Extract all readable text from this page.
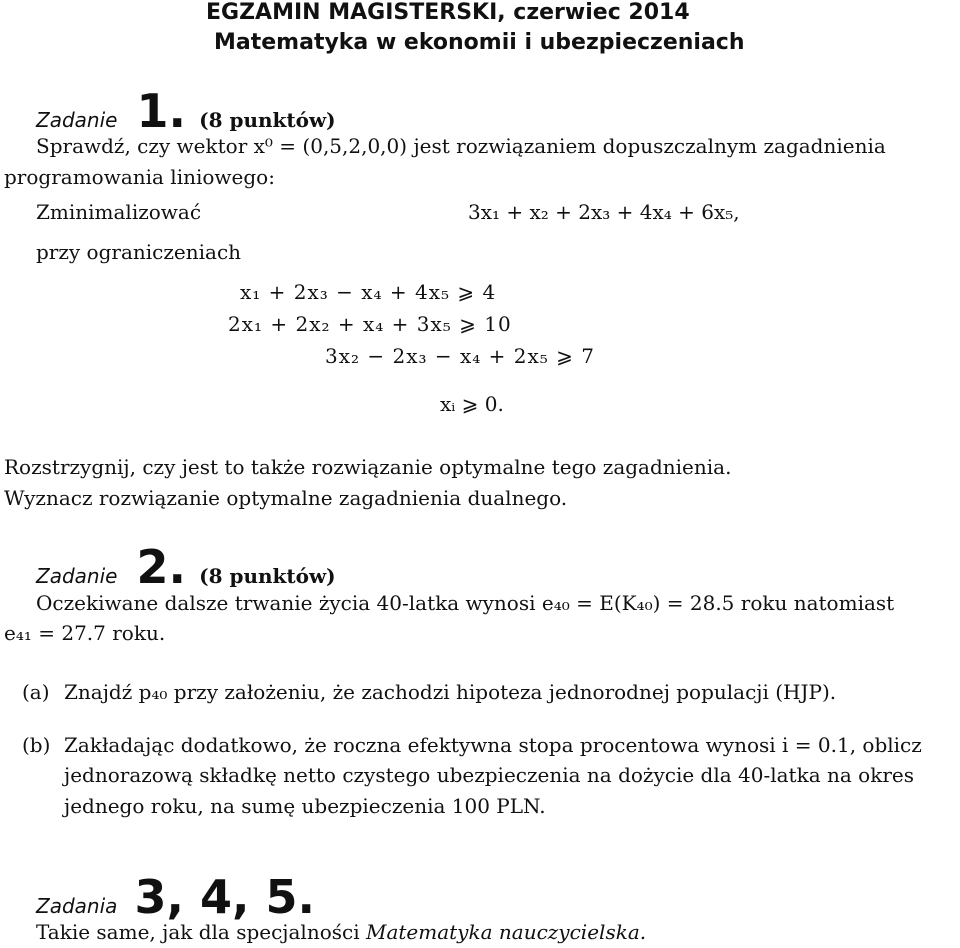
EGZAMIN MAGISTERSKI, czerwiec 2014
Matematyka w ekonomii i ubezpieczeniach
Zadanie 1. (8 punktów)
Sprawdź, czy wektor x⁰ = (0,5,2,0,0) jest rozwiązaniem dopuszczalnym zagadnienia
programowania liniowego:
Zminimalizować	3x₁ + x₂ + 2x₃ + 4x₄ + 6x₅,
przy ograniczeniach
x₁ + 2x₃ − x₄ + 4x₅ ⩾ 4
2x₁ + 2x₂ + x₄ + 3x₅ ⩾ 10
3x₂ − 2x₃ − x₄ + 2x₅ ⩾ 7
xᵢ ⩾ 0.
Rozstrzygnij, czy jest to także rozwiązanie optymalne tego zagadnienia.
Wyznacz rozwiązanie optymalne zagadnienia dualnego.
Zadanie 2. (8 punktów)
Oczekiwane dalsze trwanie życia 40-latka wynosi e₄₀ = E(K₄₀) = 28.5 roku natomiast
e₄₁ = 27.7 roku.
(a) Znajdź p₄₀ przy założeniu, że zachodzi hipoteza jednorodnej populacji (HJP).
(b) Zakładając dodatkowo, że roczna efektywna stopa procentowa wynosi i = 0.1, oblicz
jednorazową składkę netto czystego ubezpieczenia na dożycie dla 40-latka na okres
jednego roku, na sumę ubezpieczenia 100 PLN.
Zadania 3, 4, 5.
Takie same, jak dla specjalności Matematyka nauczycielska.
